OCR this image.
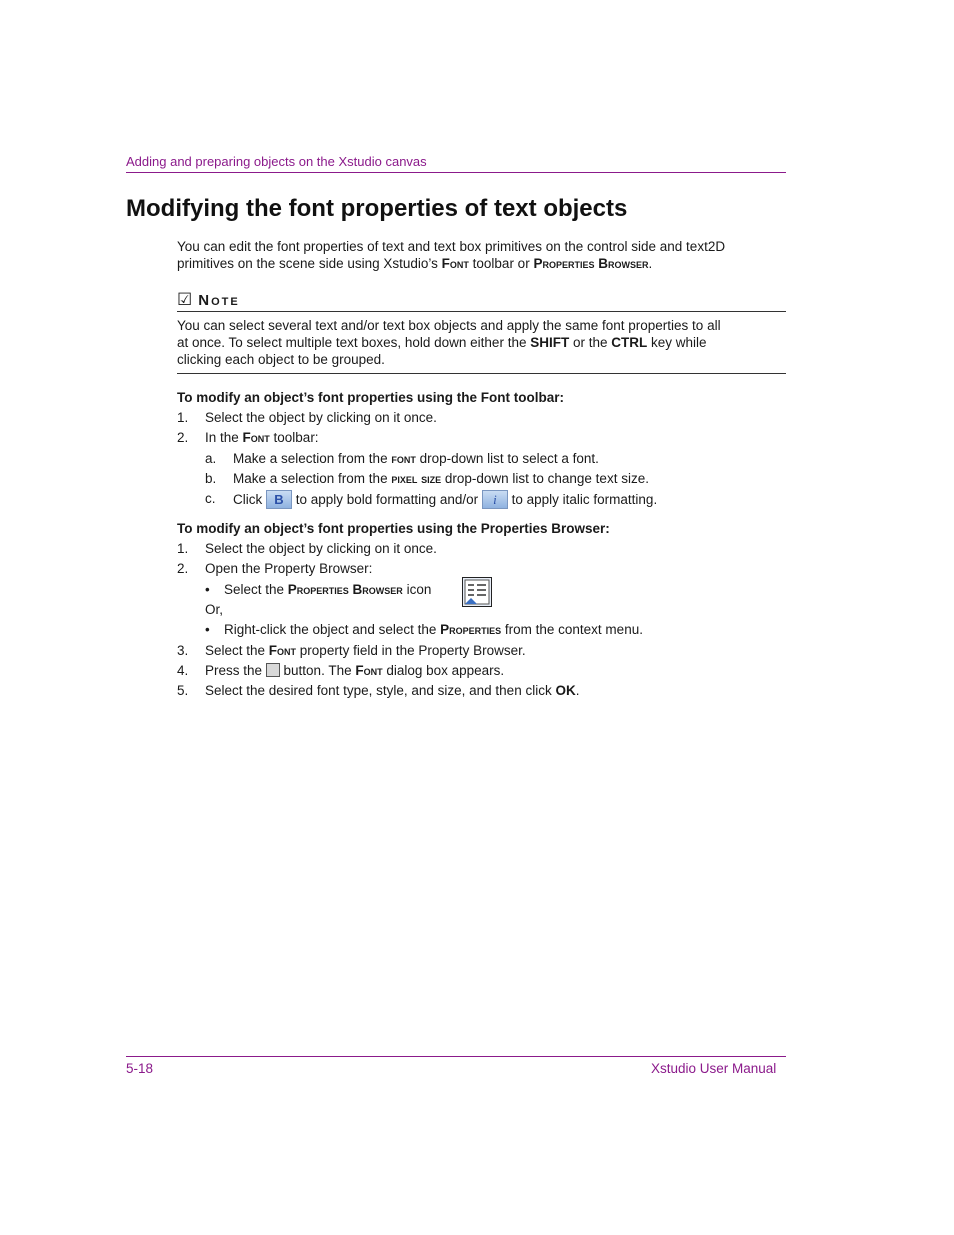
Adding and preparing objects on the Xstudio canvas
Modifying the font properties of text objects
You can edit the font properties of text and text box primitives on the control side and text2D
primitives on the scene side using Xstudio’s Font toolbar or Properties Browser.
☑ Note
You can select several text and/or text box objects and apply the same font properties to all
at once. To select multiple text boxes, hold down either the SHIFT or the CTRL key while
clicking each object to be grouped.
To modify an object’s font properties using the Font toolbar:
1. Select the object by clicking on it once.
2. In the Font toolbar:
a. Make a selection from the font drop-down list to select a font.
b. Make a selection from the pixel size drop-down list to change text size.
c. Click B to apply bold formatting and/or i to apply italic formatting.
To modify an object’s font properties using the Properties Browser:
1. Select the object by clicking on it once.
2. Open the Property Browser:
• Select the Properties Browser icon
Or,
• Right-click the object and select the Properties from the context menu.
3. Select the Font property field in the Property Browser.
4. Press the  button. The Font dialog box appears.
5. Select the desired font type, style, and size, and then click OK.
5-18	Xstudio User Manual
